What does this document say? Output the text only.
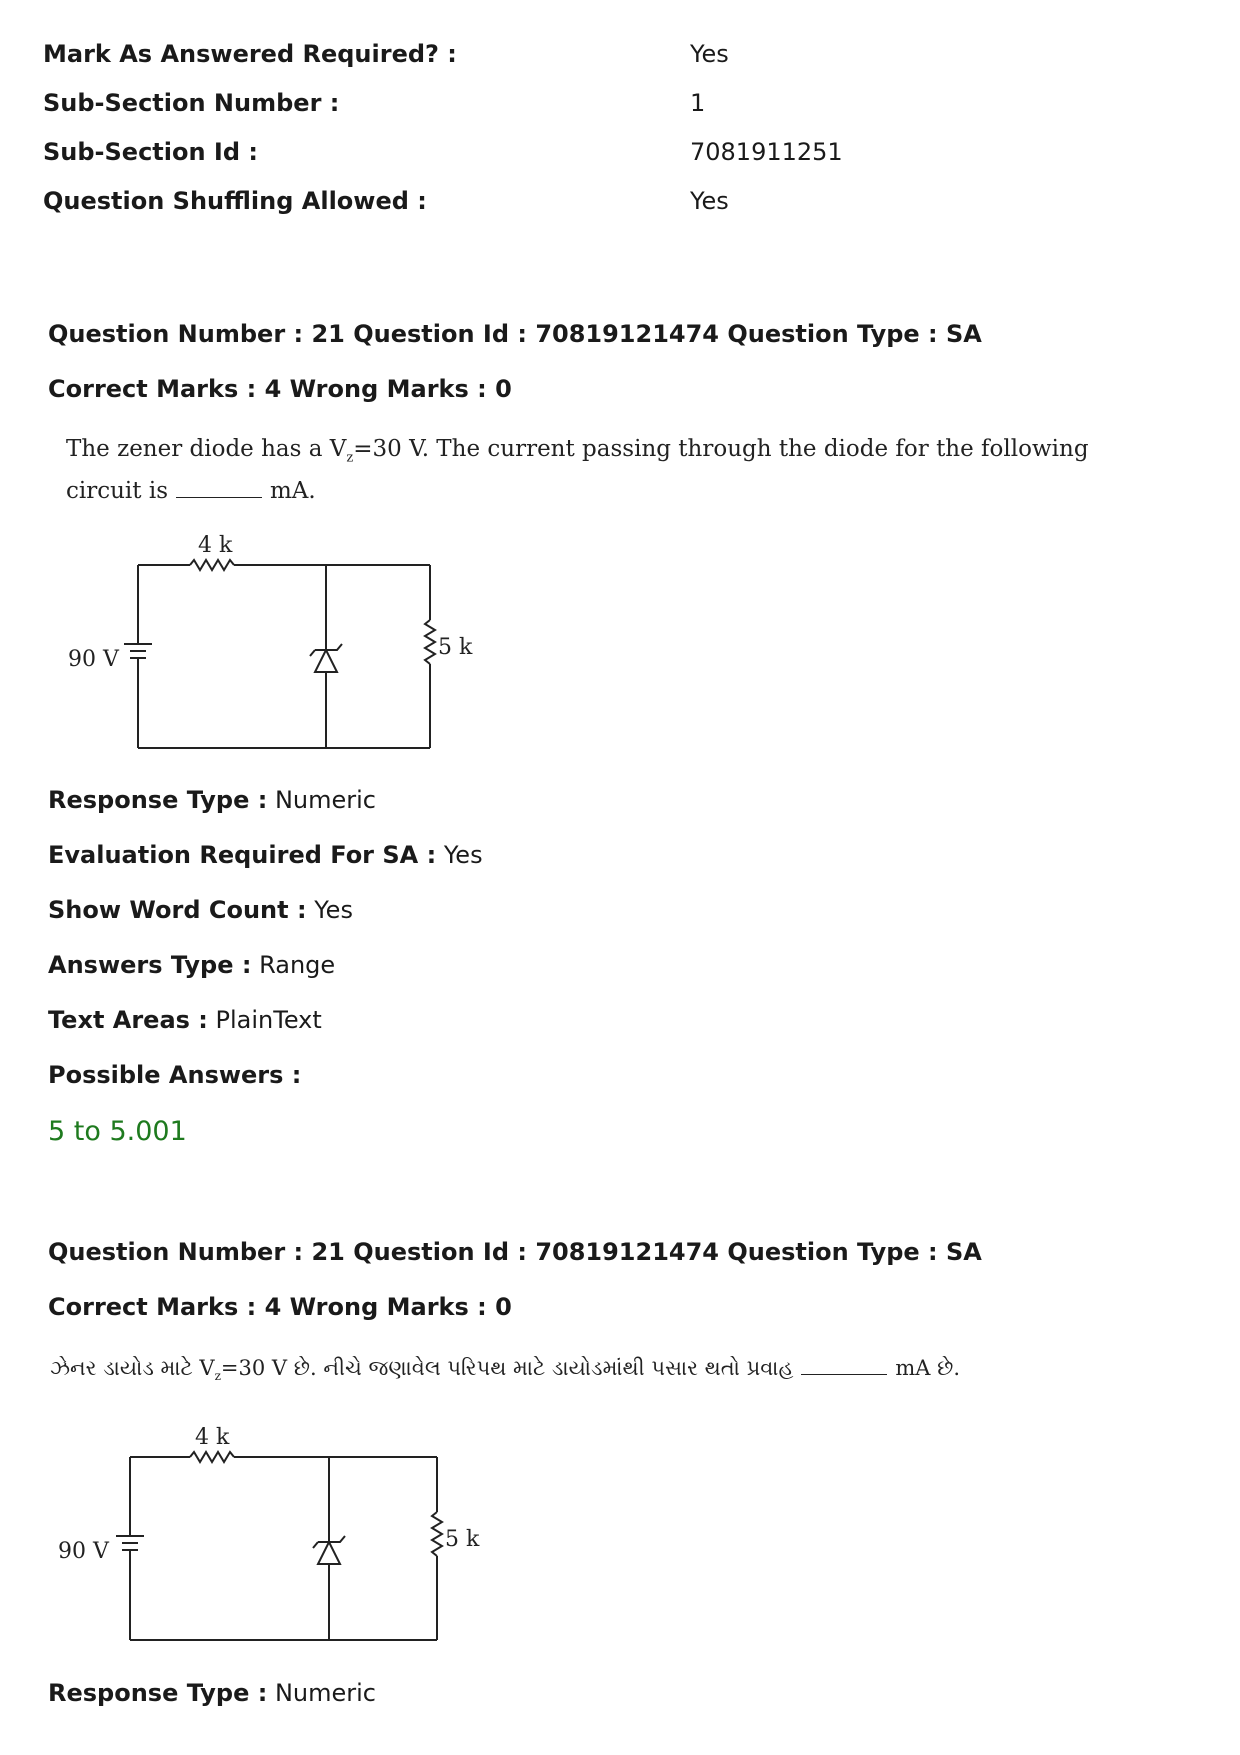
Mark As Answered Required? :	Yes
Sub-Section Number :	1
Sub-Section Id :	7081911251
Question Shuffling Allowed :	Yes
Question Number : 21 Question Id : 70819121474 Question Type : SA
Correct Marks : 4 Wrong Marks : 0
The zener diode has a $V_z=30$ V. The current passing through the diode for the following
circuit is	mA.
4 k
90 V	5 k
Response Type : Numeric
Evaluation Required For SA : Yes
Show Word Count : Yes
Answers Type : Range
Text Areas : PlainText
Possible Answers :
5 to 5.001
Question Number : 21 Question Id : 70819121474 Question Type : SA
Correct Marks : 4 Wrong Marks : 0
ઝેનર ડાયોડ માટે $V_z=30$ V છે. નીચે જણાવેલ પરિપથ માટે ડાયોડમાંથી પસાર થતો પ્રવાહ	mA છે.
4 k
90 V	5 k
Response Type : Numeric
